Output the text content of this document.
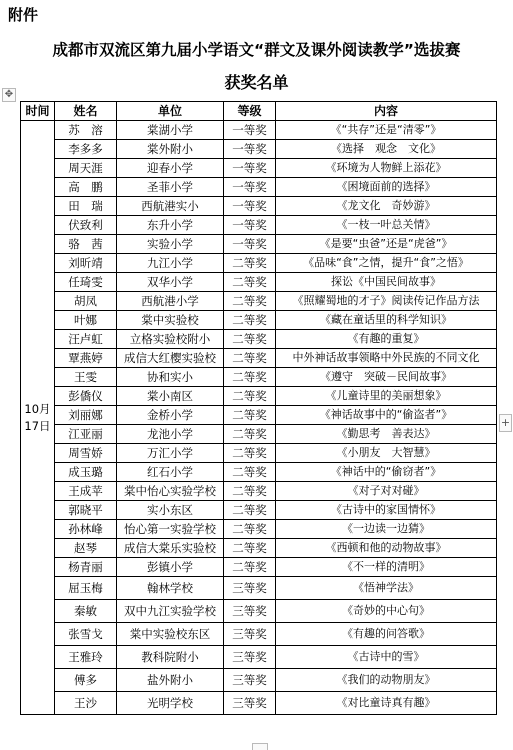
附件
成都市双流区第九届小学语文“群文及课外阅读教学”选拔赛
获奖名单
✥
+
时间	姓名	单位	等级	内容

10月
17日	苏　溶	棠湖小学	一等奖	《“共存”还是“清零”》
	李多多	棠外附小	一等奖	《选择　观念　文化》
	周天涯	迎春小学	一等奖	《环境为人物鲜上添花》
	高　鹏	圣菲小学	一等奖	《困境面前的选择》
	田　瑞	西航港实小	一等奖	《龙文化　奇妙游》
	伏致利	东升小学	一等奖	《一枝一叶总关情》
	骆　茜	实验小学	一等奖	《是要“虫爸”还是“虎爸”》
	刘昕靖	九江小学	二等奖	《品味“食”之情，提升“食”之悟》
	任琦雯	双华小学	二等奖	探讼《中国民间故事》
	胡凤	西航港小学	二等奖	《照耀蜀地的才子》阅读传记作品方法
	叶娜	棠中实验校	二等奖	《藏在童话里的科学知识》
	汪卢虹	立格实验校附小	二等奖	《有趣的重复》
	覃燕婷	成信大红樱实验校	二等奖	中外神话故事领略中外民族的不同文化
	王雯	协和实小	二等奖	《遵守　突破－民间故事》
	彭僑仪	棠小南区	二等奖	《儿童诗里的美丽想象》
	刘丽娜	金桥小学	二等奖	《神话故事中的“偷盗者”》
	江亚丽	龙池小学	二等奖	《勤思考　善表达》
	周雪娇	万汇小学	二等奖	《小朋友　大智慧》
	成玉璐	红石小学	二等奖	《神话中的“偷窃者”》
	王成苹	棠中怡心实验学校	二等奖	《对子对对碰》
	郭晓平	实小东区	二等奖	《古诗中的家国情怀》
	孙林峰	怡心第一实验学校	二等奖	《一边读一边猜》
	赵琴	成信大棠乐实验校	二等奖	《西顿和他的动物故事》
	杨青丽	彭镇小学	二等奖	《不一样的清明》
	屈玉梅	翰林学校	三等奖	《悟神学法》
	秦敏	双中九江实验学校	三等奖	《奇妙的中心句》
	张雪戈	棠中实验校东区	三等奖	《有趣的问答歌》
	王雅玲	教科院附小	三等奖	《古诗中的雪》
	傅多	盐外附小	三等奖	《我们的动物朋友》
	王沙	光明学校	三等奖	《对比童诗真有趣》
